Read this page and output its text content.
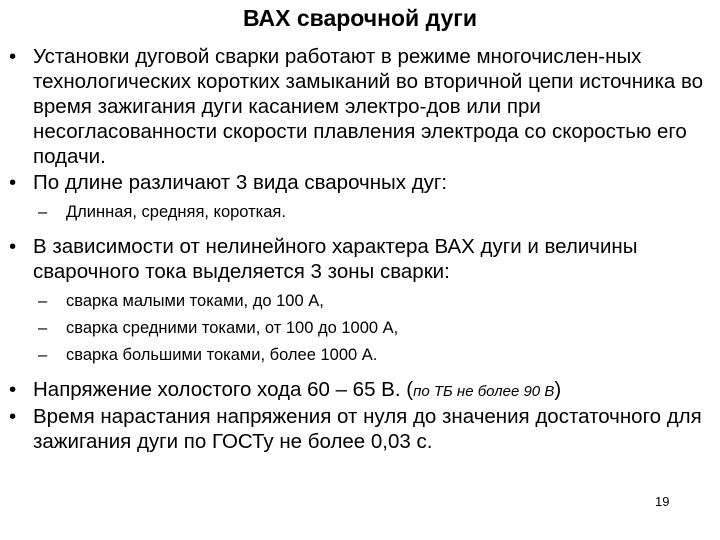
ВАХ сварочной дуги
• Установки дуговой сварки работают в режиме многочислен-ных технологических коротких замыканий во вторичной цепи источника во время зажигания дуги касанием электро-дов или при несогласованности скорости плавления электрода со скоростью его подачи.
• По длине различают 3 вида сварочных дуг:
– Длинная, средняя, короткая.
• В зависимости от нелинейного характера ВАХ дуги и величины сварочного тока выделяется 3 зоны сварки:
– сварка малыми токами, до 100 А,
– сварка средними токами, от 100 до 1000 А,
– сварка большими токами, более 1000 А.
• Напряжение холостого хода 60 – 65 В. (по ТБ не более 90 В)
• Время нарастания напряжения от нуля до значения достаточного для зажигания дуги по ГОСТу не более 0,03 с.
19
